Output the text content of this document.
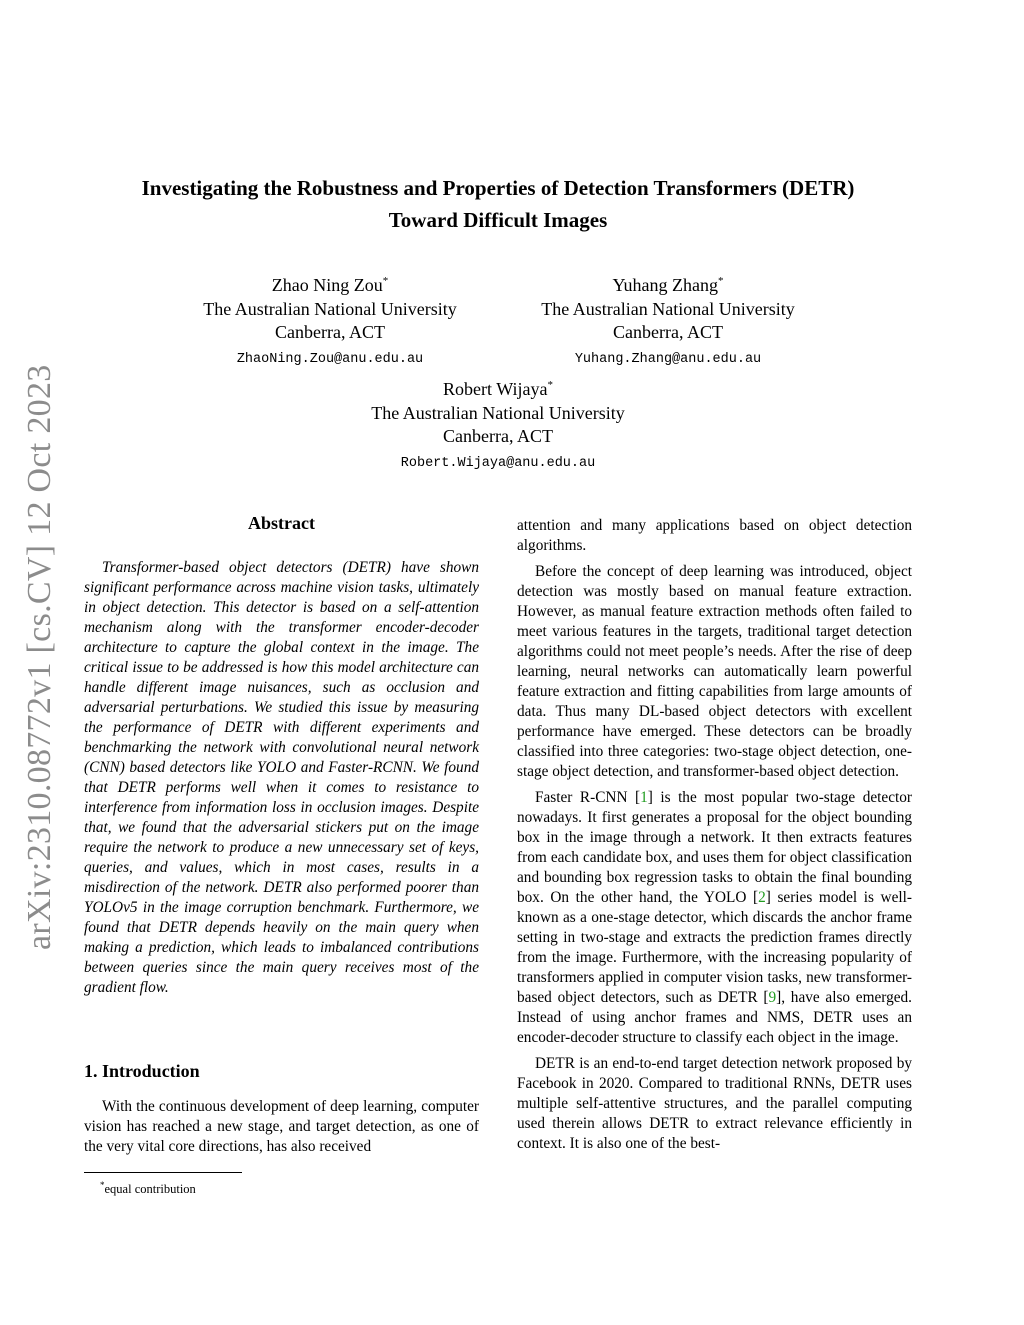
arXiv:2310.08772v1 [cs.CV] 12 Oct 2023
Investigating the Robustness and Properties of Detection Transformers (DETR)
Toward Difficult Images
Zhao Ning Zou*
The Australian National University
Canberra, ACT
ZhaoNing.Zou@anu.edu.au
Yuhang Zhang*
The Australian National University
Canberra, ACT
Yuhang.Zhang@anu.edu.au
Robert Wijaya*
The Australian National University
Canberra, ACT
Robert.Wijaya@anu.edu.au
Abstract
Transformer-based object detectors (DETR) have shown significant performance across machine vision tasks, ultimately in object detection. This detector is based on a self-attention mechanism along with the transformer encoder-decoder architecture to capture the global context in the image. The critical issue to be addressed is how this model architecture can handle different image nuisances, such as occlusion and adversarial perturbations. We studied this issue by measuring the performance of DETR with different experiments and benchmarking the network with convolutional neural network (CNN) based detectors like YOLO and Faster-RCNN. We found that DETR performs well when it comes to resistance to interference from information loss in occlusion images. Despite that, we found that the adversarial stickers put on the image require the network to produce a new unnecessary set of keys, queries, and values, which in most cases, results in a misdirection of the network. DETR also performed poorer than YOLOv5 in the image corruption benchmark. Furthermore, we found that DETR depends heavily on the main query when making a prediction, which leads to imbalanced contributions between queries since the main query receives most of the gradient flow.
1. Introduction
With the continuous development of deep learning, computer vision has reached a new stage, and target detection, as one of the very vital core directions, has also received

attention and many applications based on object detection algorithms.

Before the concept of deep learning was introduced, object detection was mostly based on manual feature extraction. However, as manual feature extraction methods often failed to meet various features in the targets, traditional target detection algorithms could not meet people’s needs. After the rise of deep learning, neural networks can automatically learn powerful feature extraction and fitting capabilities from large amounts of data. Thus many DL-based object detectors with excellent performance have emerged. These detectors can be broadly classified into three categories: two-stage object detection, one-stage object detection, and transformer-based object detection.

Faster R-CNN [1] is the most popular two-stage detector nowadays. It first generates a proposal for the object bounding box in the image through a network. It then extracts features from each candidate box, and uses them for object classification and bounding box regression tasks to obtain the final bounding box. On the other hand, the YOLO [2] series model is well-known as a one-stage detector, which discards the anchor frame setting in two-stage and extracts the prediction frames directly from the image. Furthermore, with the increasing popularity of transformers applied in computer vision tasks, new transformer-based object detectors, such as DETR [9], have also emerged. Instead of using anchor frames and NMS, DETR uses an encoder-decoder structure to classify each object in the image.

DETR is an end-to-end target detection network proposed by Facebook in 2020. Compared to traditional RNNs, DETR uses multiple self-attentive structures, and the parallel computing used therein allows DETR to extract relevance efficiently in context. It is also one of the best-

*equal contribution
